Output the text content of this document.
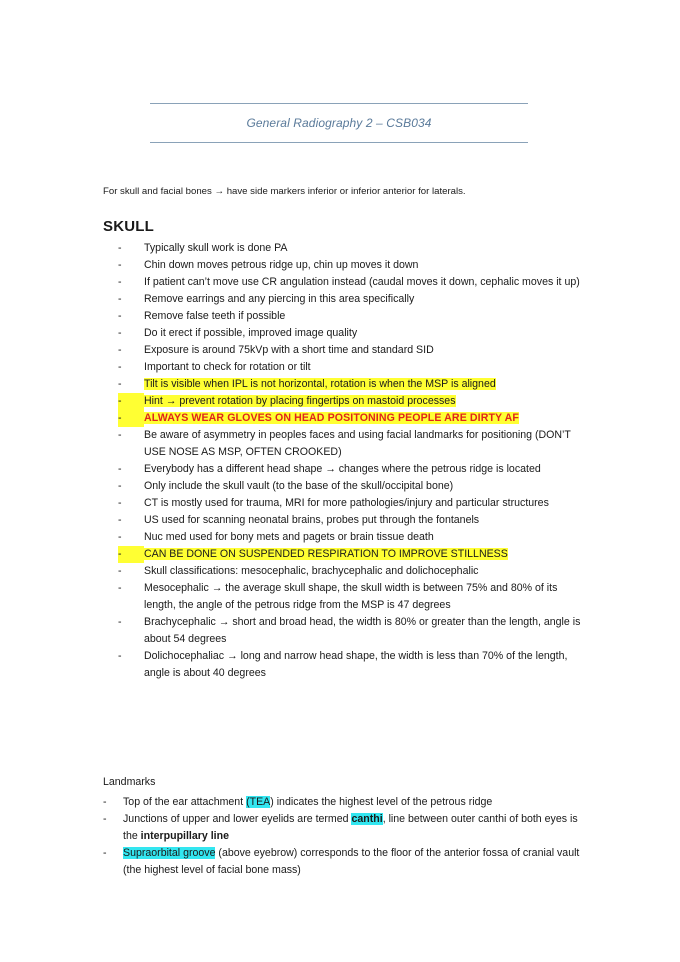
General Radiography 2 – CSB034
For skull and facial bones → have side markers inferior or inferior anterior for laterals.
SKULL
-	Typically skull work is done PA
-	Chin down moves petrous ridge up, chin up moves it down
-	If patient can’t move use CR angulation instead (caudal moves it down, cephalic moves it up)
-	Remove earrings and any piercing in this area specifically
-	Remove false teeth if possible
-	Do it erect if possible, improved image quality
-	Exposure is around 75kVp with a short time and standard SID
-	Important to check for rotation or tilt
-	Tilt is visible when IPL is not horizontal, rotation is when the MSP is aligned
-	Hint → prevent rotation by placing fingertips on mastoid processes
-	ALWAYS WEAR GLOVES ON HEAD POSITONING PEOPLE ARE DIRTY AF
-	Be aware of asymmetry in peoples faces and using facial landmarks for positioning (DON’T USE NOSE AS MSP, OFTEN CROOKED)
-	Everybody has a different head shape → changes where the petrous ridge is located
-	Only include the skull vault (to the base of the skull/occipital bone)
-	CT is mostly used for trauma, MRI for more pathologies/injury and particular structures
-	US used for scanning neonatal brains, probes put through the fontanels
-	Nuc med used for bony mets and pagets or brain tissue death
-	CAN BE DONE ON SUSPENDED RESPIRATION TO IMPROVE STILLNESS
-	Skull classifications: mesocephalic, brachycephalic and dolichocephalic
-	Mesocephalic → the average skull shape, the skull width is between 75% and 80% of its length, the angle of the petrous ridge from the MSP is 47 degrees
-	Brachycephalic → short and broad head, the width is 80% or greater than the length, angle is about 54 degrees
-	Dolichocephaliac → long and narrow head shape, the width is less than 70% of the length, angle is about 40 degrees
Landmarks
-	Top of the ear attachment (TEA) indicates the highest level of the petrous ridge
-	Junctions of upper and lower eyelids are termed canthi, line between outer canthi of both eyes is the interpupillary line
-	Supraorbital groove (above eyebrow) corresponds to the floor of the anterior fossa of cranial vault (the highest level of facial bone mass)
